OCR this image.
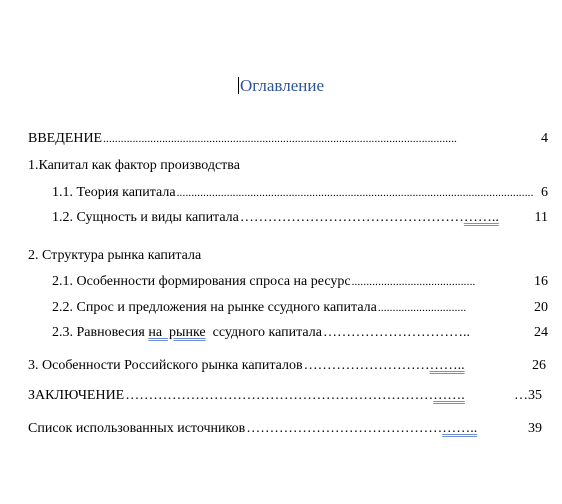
Оглавление
ВВЕДЕНИЕ ........................................................................................................................	4
1.Капитал как фактор производства
1.1. Теория капитала ......................................................................................................................... 6
1.2. Сущность и виды капитала ………………………………………………..	11
2. Структура рынка капитала
2.1. Особенности формирования спроса на ресурс ..........................................	16
2.2. Спрос и предложения на рынке ссудного капитала ..............................	20
2.3. Равновесия на  рынке  ссудного капитала …………………………..	24
3. Особенности Российского рынка капиталов ……………………………..	26
ЗАКЛЮЧЕНИЕ ……………………………………………………………….	…35
Список использованных источников …………………………………………..	39
